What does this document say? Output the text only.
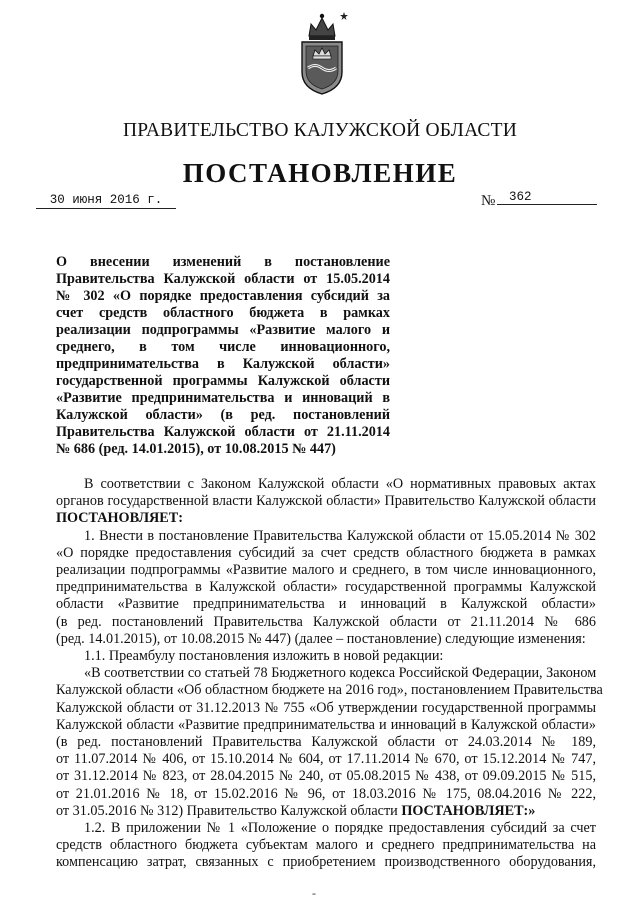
ПРАВИТЕЛЬСТВО КАЛУЖСКОЙ ОБЛАСТИ
ПОСТАНОВЛЕНИЕ
30 июня 2016 г.	№	362
О внесении изменений в постановление
Правительства Калужской области от 15.05.2014
№ 302 «О порядке предоставления субсидий за
счет средств областного бюджета в рамках
реализации подпрограммы «Развитие малого и
среднего, в том числе инновационного,
предпринимательства в Калужской области»
государственной программы Калужской области
«Развитие предпринимательства и инноваций в
Калужской области» (в ред. постановлений
Правительства Калужской области от 21.11.2014
№ 686 (ред. 14.01.2015), от 10.08.2015 № 447)
В соответствии с Законом Калужской области «О нормативных правовых актах
органов государственной власти Калужской области» Правительство Калужской области
ПОСТАНОВЛЯЕТ:
1. Внести в постановление Правительства Калужской области от 15.05.2014 № 302
«О порядке предоставления субсидий за счет средств областного бюджета в рамках
реализации подпрограммы «Развитие малого и среднего, в том числе инновационного,
предпринимательства в Калужской области» государственной программы Калужской
области «Развитие предпринимательства и инноваций в Калужской области»
(в ред. постановлений Правительства Калужской области от 21.11.2014 № 686
(ред. 14.01.2015), от 10.08.2015 № 447) (далее – постановление) следующие изменения:
1.1. Преамбулу постановления изложить в новой редакции:
«В соответствии со статьей 78 Бюджетного кодекса Российской Федерации, Законом
Калужской области «Об областном бюджете на 2016 год», постановлением Правительства
Калужской области от 31.12.2013 № 755 «Об утверждении государственной программы
Калужской области «Развитие предпринимательства и инноваций в Калужской области»
(в ред. постановлений Правительства Калужской области от 24.03.2014 № 189,
от 11.07.2014 № 406, от 15.10.2014 № 604, от 17.11.2014 № 670, от 15.12.2014 № 747,
от 31.12.2014 № 823, от 28.04.2015 № 240, от 05.08.2015 № 438, от 09.09.2015 № 515,
от 21.01.2016 № 18, от 15.02.2016 № 96, от 18.03.2016 № 175, 08.04.2016 № 222,
от 31.05.2016 № 312) Правительство Калужской области ПОСТАНОВЛЯЕТ:»
1.2. В приложении № 1 «Положение о порядке предоставления субсидий за счет
средств областного бюджета субъектам малого и среднего предпринимательства на
компенсацию затрат, связанных с приобретением производственного оборудования,
-
